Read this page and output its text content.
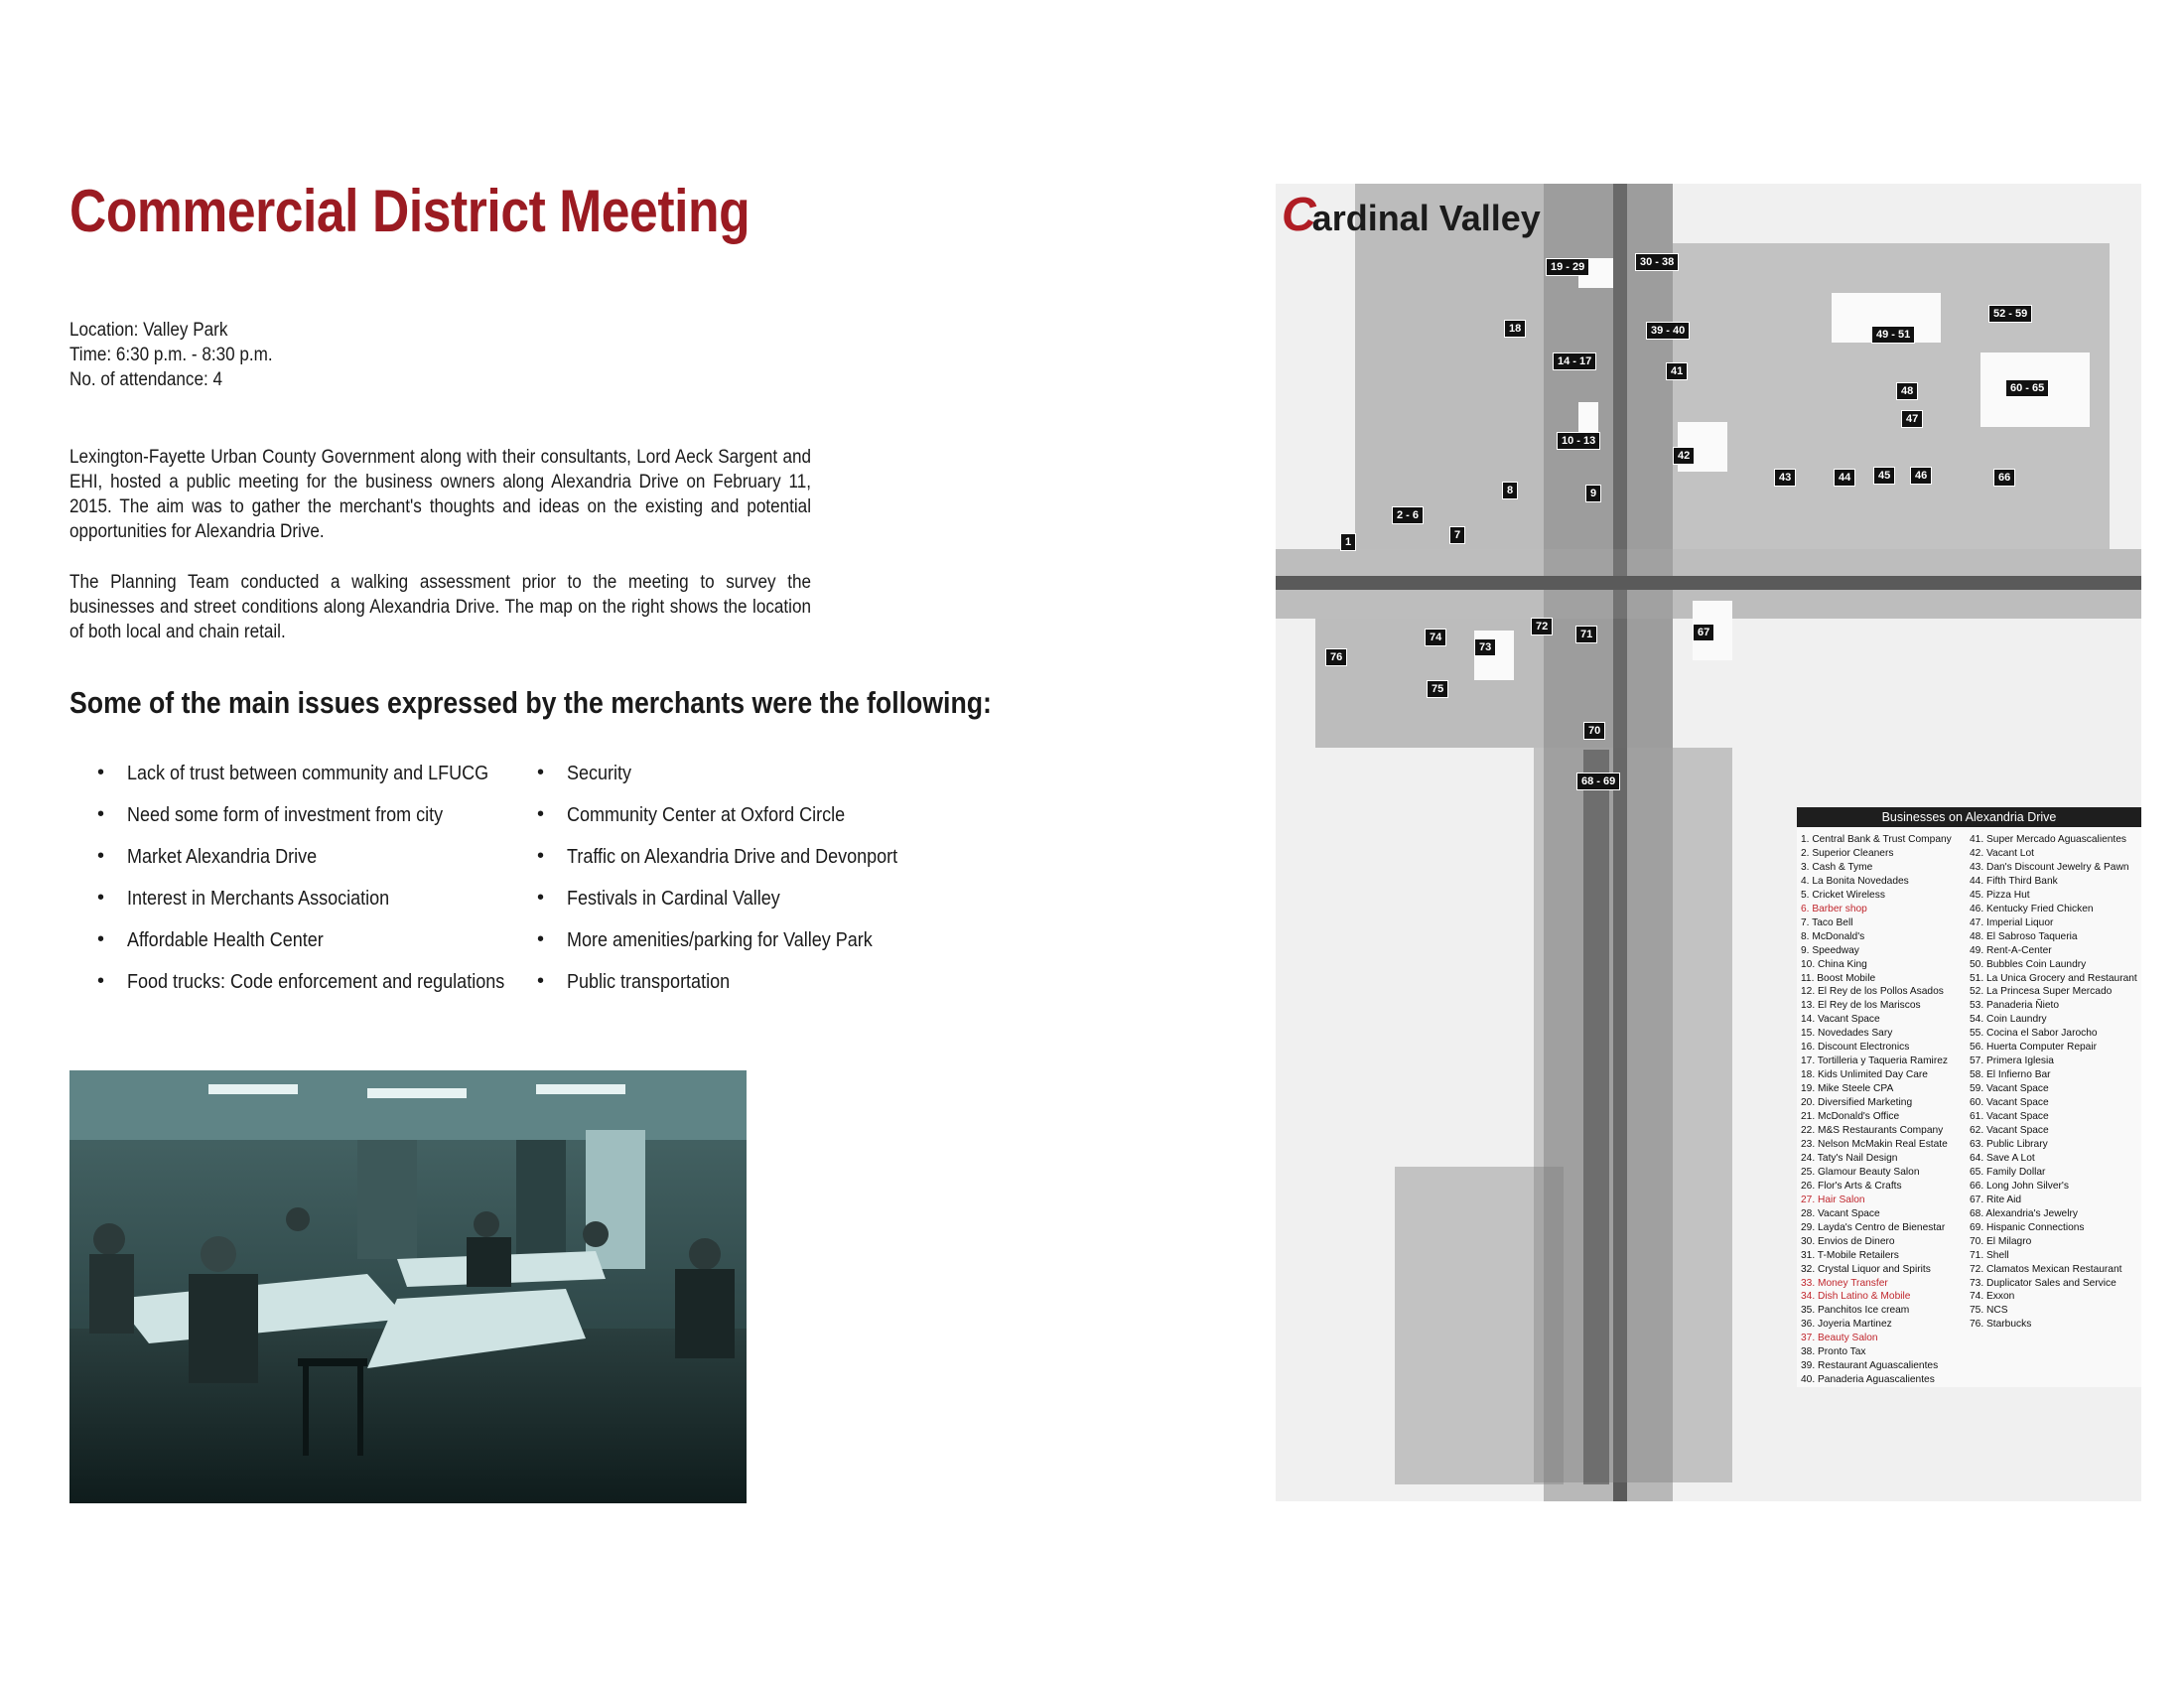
Commercial District Meeting
Location: Valley Park
Time: 6:30 p.m. - 8:30 p.m.
No. of attendance: 4

Lexington-Fayette Urban County Government along with their consultants, Lord Aeck Sargent and EHI, hosted a public meeting for the business owners along Alexandria Drive on February 11, 2015. The aim was to gather the merchant's thoughts and ideas on the existing and potential opportunities for Alexandria Drive.

The Planning Team conducted a walking assessment prior to the meeting to survey the businesses and street conditions along Alexandria Drive. The map on the right shows the location of both local and chain retail.

Some of the main issues expressed by the merchants were the following:
• Lack of trust between community and LFUCG
• Need some form of investment from city
• Market Alexandria Drive
• Interest in Merchants Association
• Affordable Health Center
• Food trucks: Code enforcement and regulations
• Security
• Community Center at Oxford Circle
• Traffic on Alexandria Drive and Devonport
• Festivals in Cardinal Valley
• More amenities/parking for Valley Park
• Public transportation
Cardinal Valley
19 - 29	30 - 38
18
14 - 17
39 - 40
41
49 - 51
52 - 59
48	60 - 65
47
10 - 13
42
43	44	45	46	66
8	9
2 - 6
7
1
72
71	67
74
73
76
75
70
68 - 69
Businesses on Alexandria Drive
1. Central Bank & Trust Company
2. Superior Cleaners
3. Cash & Tyme
4. La Bonita Novedades
5. Cricket Wireless
6. Barber shop
7. Taco Bell
8. McDonald's
9. Speedway
10. China King
11. Boost Mobile
12. El Rey de los Pollos Asados
13. El Rey de los Mariscos
14. Vacant Space
15. Novedades Sary
16. Discount Electronics
17. Tortilleria y Taqueria Ramirez
18. Kids Unlimited Day Care
19. Mike Steele CPA
20. Diversified Marketing
21. McDonald's Office
22. M&S Restaurants Company
23. Nelson McMakin Real Estate
24. Taty's Nail Design
25. Glamour Beauty Salon
26. Flor's Arts & Crafts
27. Hair Salon
28. Vacant Space
29. Layda's Centro de Bienestar
30. Envios de Dinero
31. T-Mobile Retailers
32. Crystal Liquor and Spirits
33. Money Transfer
34. Dish Latino & Mobile
35. Panchitos Ice cream
36. Joyeria Martinez
37. Beauty Salon
38. Pronto Tax
39. Restaurant Aguascalientes
40. Panaderia Aguascalientes
41. Super Mercado Aguascalientes
42. Vacant Lot
43. Dan's Discount Jewelry & Pawn
44. Fifth Third Bank
45. Pizza Hut
46. Kentucky Fried Chicken
47. Imperial Liquor
48. El Sabroso Taqueria
49. Rent-A-Center
50. Bubbles Coin Laundry
51. La Unica Grocery and Restaurant
52. La Princesa Super Mercado
53. Panaderia Ñieto
54. Coin Laundry
55. Cocina el Sabor Jarocho
56. Huerta Computer Repair
57. Primera Iglesia
58. El Infierno Bar
59. Vacant Space
60. Vacant Space
61. Vacant Space
62. Vacant Space
63. Public Library
64. Save A Lot
65. Family Dollar
66. Long John Silver's
67. Rite Aid
68. Alexandria's Jewelry
69. Hispanic Connections
70. El Milagro
71. Shell
72. Clamatos Mexican Restaurant
73. Duplicator Sales and Service
74. Exxon
75. NCS
76. Starbucks
